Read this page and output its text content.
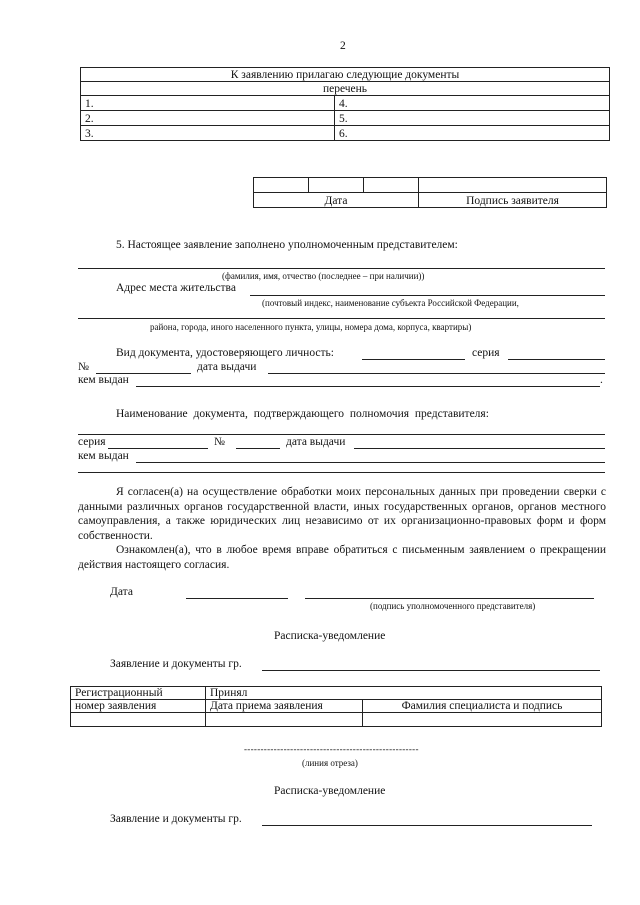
2
К заявлению прилагаю следующие документы	
перечень	
1.	4.
2.	5.
3.	6.

Дата			Подпись заявителя
5. Настоящее заявление заполнено уполномоченным представителем:
(фамилия, имя, отчество (последнее – при наличии))
Адрес места жительства
(почтовый индекс, наименование субъекта Российской Федерации,
района, города, иного населенного пункта, улицы, номера дома, корпуса, квартиры)
Вид документа, удостоверяющего личность:	серия
№	дата выдачи
кем выдан	.
Наименование документа, подтверждающего полномочия представителя:
серия	№	дата выдачи
кем выдан
Я согласен(а) на осуществление обработки моих персональных данных при проведении сверки с данными различных органов государственной власти, иных государственных органов, органов местного самоуправления, а также юридических лиц независимо от их организационно-правовых форм и форм собственности.
Ознакомлен(а), что в любое время вправе обратиться с письменным заявлением о прекращении действия настоящего согласия.
Дата
(подпись уполномоченного представителя)
Расписка-уведомление
Заявление и документы гр.
Регистрационный	Принял	
номер заявления	Дата приема заявления	Фамилия специалиста и подпись

-----------------------------------------------------
(линия отреза)
Расписка-уведомление
Заявление и документы гр.
